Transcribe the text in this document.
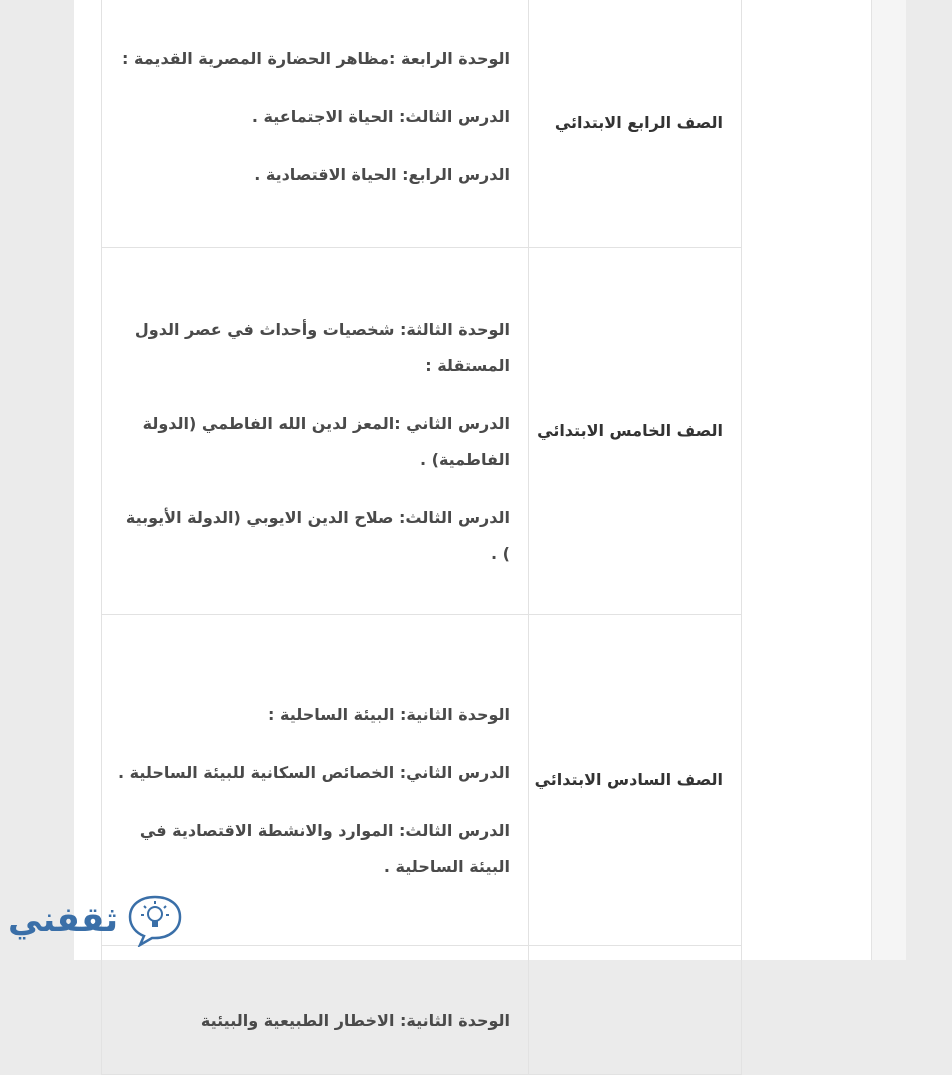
الصف الرابع الابتدائي	الوحدة الرابعة :مظاهر الحضارة المصرية القديمة :

الدرس الثالث: الحياة الاجتماعية .

الدرس الرابع: الحياة الاقتصادية .

الصف الخامس الابتدائي	الوحدة الثالثة: شخصيات وأحداث في عصر الدول المستقلة :

الدرس الثاني :المعز لدين الله الفاطمي (الدولة الفاطمية) .

الدرس الثالث: صلاح الدين الايوبي (الدولة الأيوبية ) .

الصف السادس الابتدائي	الوحدة الثانية: البيئة الساحلية :

الدرس الثاني: الخصائص السكانية للبيئة الساحلية .

الدرس الثالث: الموارد والانشطة الاقتصادية في البيئة الساحلية .

	الوحدة الثانية: الاخطار الطبيعية والبيئية

ثقفني
